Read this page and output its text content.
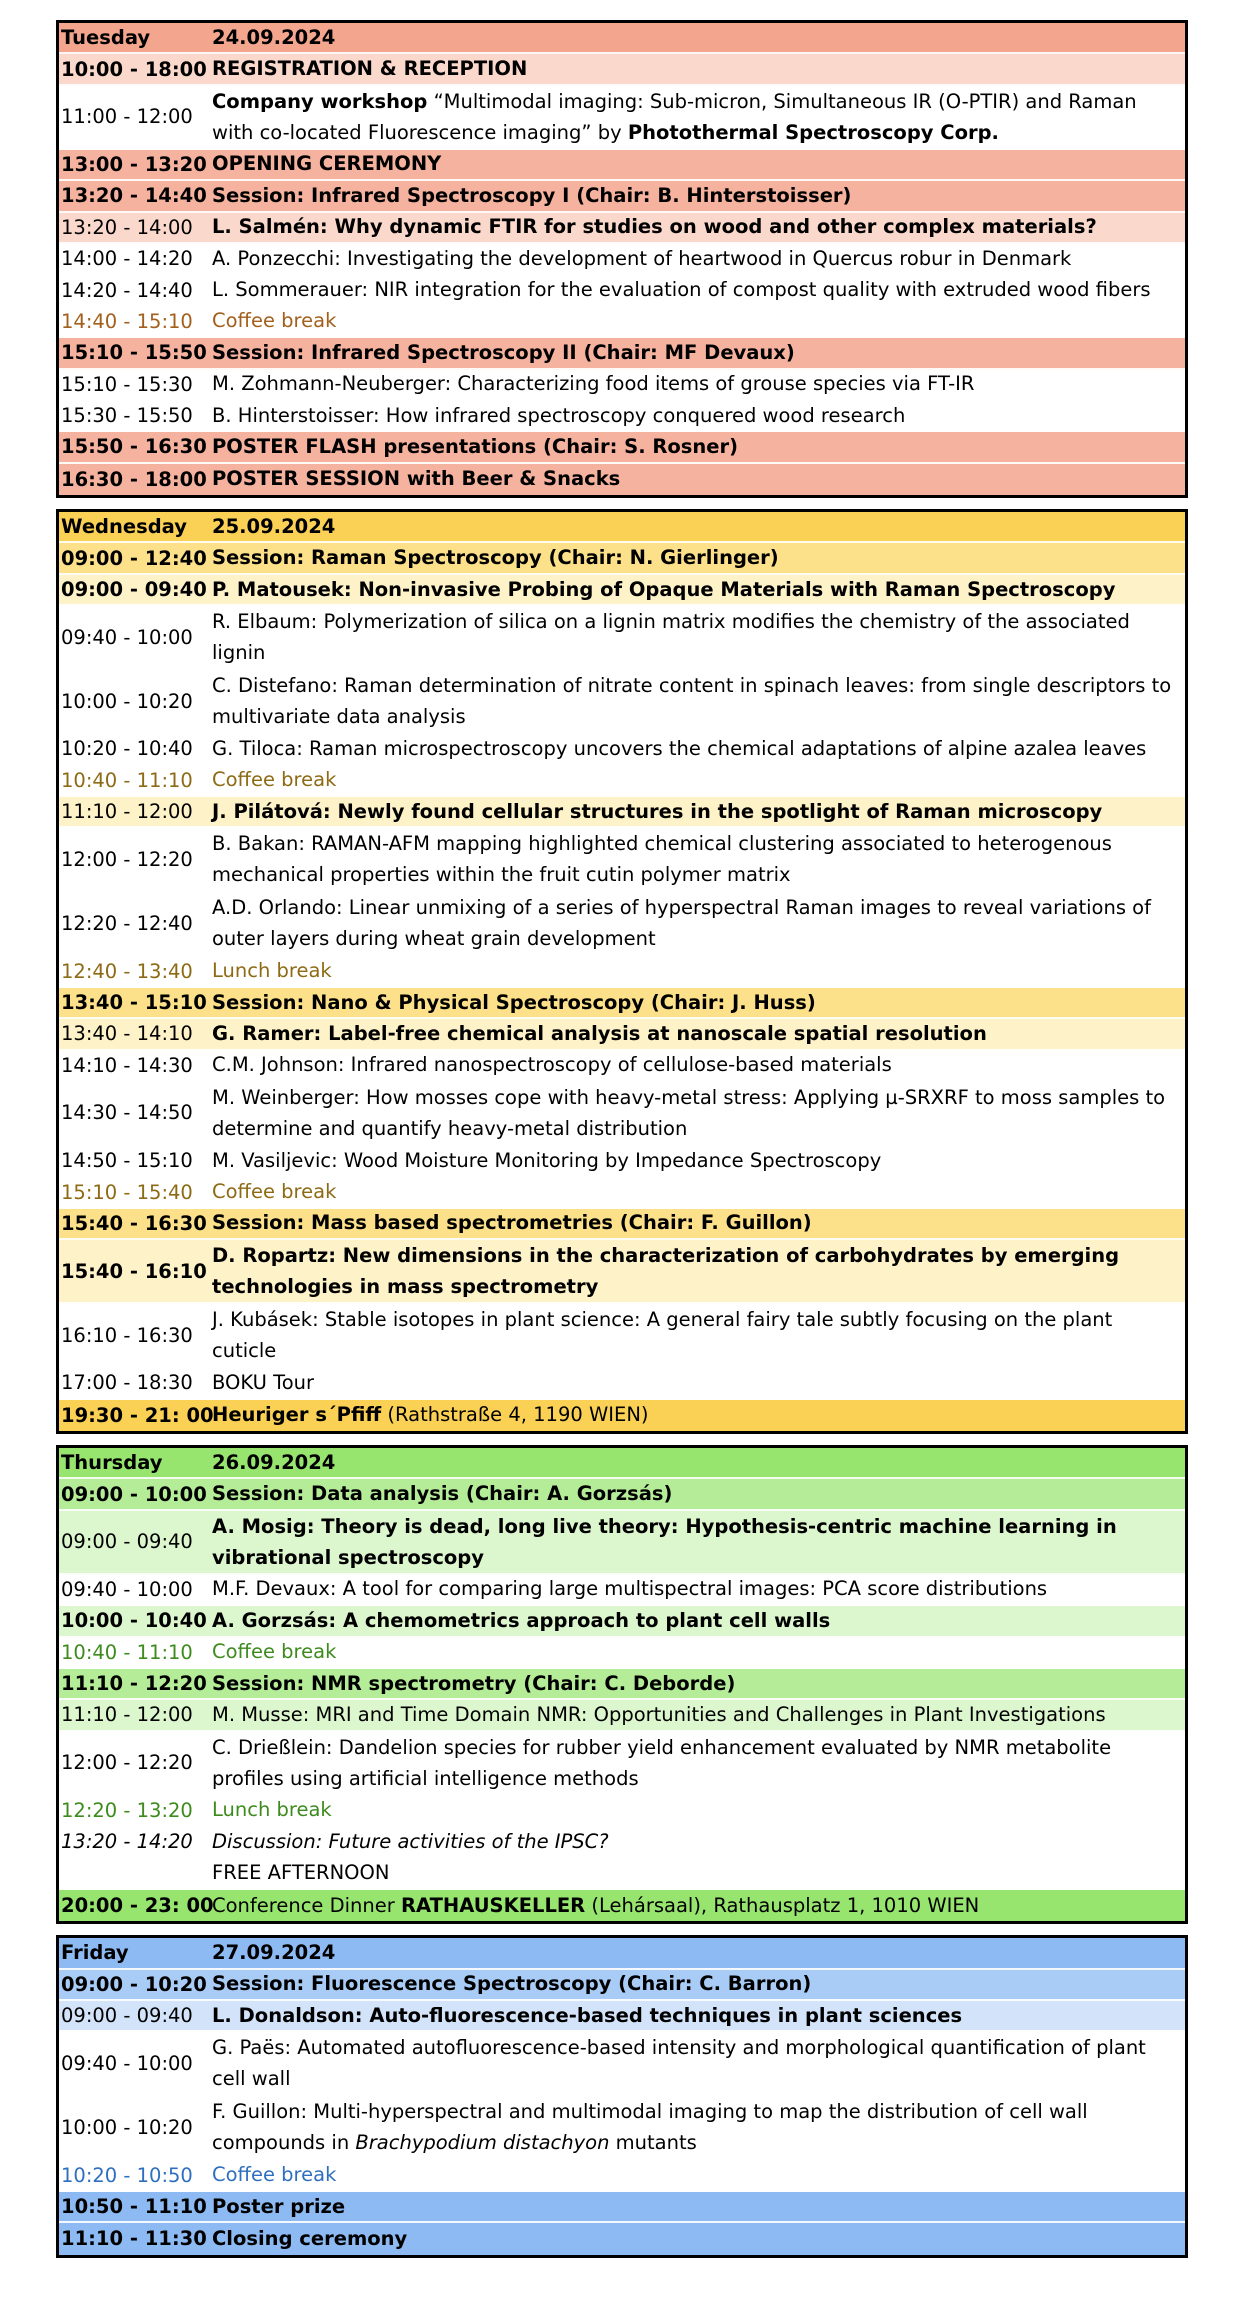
Tuesday	24.09.2024
10:00 - 18:00 REGISTRATION & RECEPTION
11:00 - 12:00
Company workshop “Multimodal imaging: Sub-micron, Simultaneous IR (O-PTIR) and Raman with co-located Fluorescence imaging” by Photothermal Spectroscopy Corp.
13:00 - 13:20 OPENING CEREMONY
13:20 - 14:40 Session: Infrared Spectroscopy I (Chair: B. Hinterstoisser)
13:20 - 14:00 L. Salmén: Why dynamic FTIR for studies on wood and other complex materials?
14:00 - 14:20 A. Ponzecchi: Investigating the development of heartwood in Quercus robur in Denmark
14:20 - 14:40 L. Sommerauer: NIR integration for the evaluation of compost quality with extruded wood fibers
14:40 - 15:10 Coffee break
15:10 - 15:50 Session: Infrared Spectroscopy II (Chair: MF Devaux)
15:10 - 15:30 M. Zohmann-Neuberger: Characterizing food items of grouse species via FT-IR
15:30 - 15:50 B. Hinterstoisser: How infrared spectroscopy conquered wood research
15:50 - 16:30 POSTER FLASH presentations (Chair: S. Rosner)
16:30 - 18:00 POSTER SESSION with Beer & Snacks
Wednesday	25.09.2024
09:00 - 12:40 Session: Raman Spectroscopy (Chair: N. Gierlinger)
09:00 - 09:40 P. Matousek: Non-invasive Probing of Opaque Materials with Raman Spectroscopy
09:40 - 10:00
R. Elbaum: Polymerization of silica on a lignin matrix modifies the chemistry of the associated lignin
10:00 - 10:20
C. Distefano: Raman determination of nitrate content in spinach leaves: from single descriptors to multivariate data analysis
10:20 - 10:40 G. Tiloca: Raman microspectroscopy uncovers the chemical adaptations of alpine azalea leaves
10:40 - 11:10 Coffee break
11:10 - 12:00 J. Pilátová: Newly found cellular structures in the spotlight of Raman microscopy
12:00 - 12:20
B. Bakan: RAMAN-AFM mapping highlighted chemical clustering associated to heterogenous mechanical properties within the fruit cutin polymer matrix
12:20 - 12:40
A.D. Orlando: Linear unmixing of a series of hyperspectral Raman images to reveal variations of outer layers during wheat grain development
12:40 - 13:40 Lunch break
13:40 - 15:10 Session: Nano & Physical Spectroscopy (Chair: J. Huss)
13:40 - 14:10 G. Ramer: Label-free chemical analysis at nanoscale spatial resolution
14:10 - 14:30 C.M. Johnson: Infrared nanospectroscopy of cellulose-based materials
14:30 - 14:50
M. Weinberger: How mosses cope with heavy-metal stress: Applying µ-SRXRF to moss samples to determine and quantify heavy-metal distribution
14:50 - 15:10 M. Vasiljevic: Wood Moisture Monitoring by Impedance Spectroscopy
15:10 - 15:40 Coffee break
15:40 - 16:30 Session: Mass based spectrometries (Chair: F. Guillon)
15:40 - 16:10
D. Ropartz: New dimensions in the characterization of carbohydrates by emerging technologies in mass spectrometry
16:10 - 16:30
J. Kubásek: Stable isotopes in plant science: A general fairy tale subtly focusing on the plant cuticle
17:00 - 18:30 BOKU Tour
19:30 - 21: 00
Heuriger s´Pfiff (Rathstraße 4, 1190 WIEN)
Thursday	26.09.2024
09:00 - 10:00 Session: Data analysis (Chair: A. Gorzsás)
09:00 - 09:40
A. Mosig: Theory is dead, long live theory: Hypothesis-centric machine learning in vibrational spectroscopy
09:40 - 10:00 M.F. Devaux: A tool for comparing large multispectral images: PCA score distributions
10:00 - 10:40 A. Gorzsás: A chemometrics approach to plant cell walls
10:40 - 11:10 Coffee break
11:10 - 12:20 Session: NMR spectrometry (Chair: C. Deborde)
11:10 - 12:00 M. Musse: MRI and Time Domain NMR: Opportunities and Challenges in Plant Investigations
12:00 - 12:20
C. Drießlein: Dandelion species for rubber yield enhancement evaluated by NMR metabolite profiles using artificial intelligence methods
12:20 - 13:20 Lunch break
13:20 - 14:20 Discussion: Future activities of the IPSC?
FREE AFTERNOON
20:00 - 23: 00
Conference Dinner RATHAUSKELLER (Lehársaal), Rathausplatz 1, 1010 WIEN
Friday	27.09.2024
09:00 - 10:20 Session: Fluorescence Spectroscopy (Chair: C. Barron)
09:00 - 09:40 L. Donaldson: Auto-fluorescence-based techniques in plant sciences
09:40 - 10:00
G. Paës: Automated autofluorescence-based intensity and morphological quantification of plant cell wall
10:00 - 10:20
F. Guillon: Multi-hyperspectral and multimodal imaging to map the distribution of cell wall compounds in Brachypodium distachyon mutants
10:20 - 10:50 Coffee break
10:50 - 11:10 Poster prize
11:10 - 11:30 Closing ceremony
